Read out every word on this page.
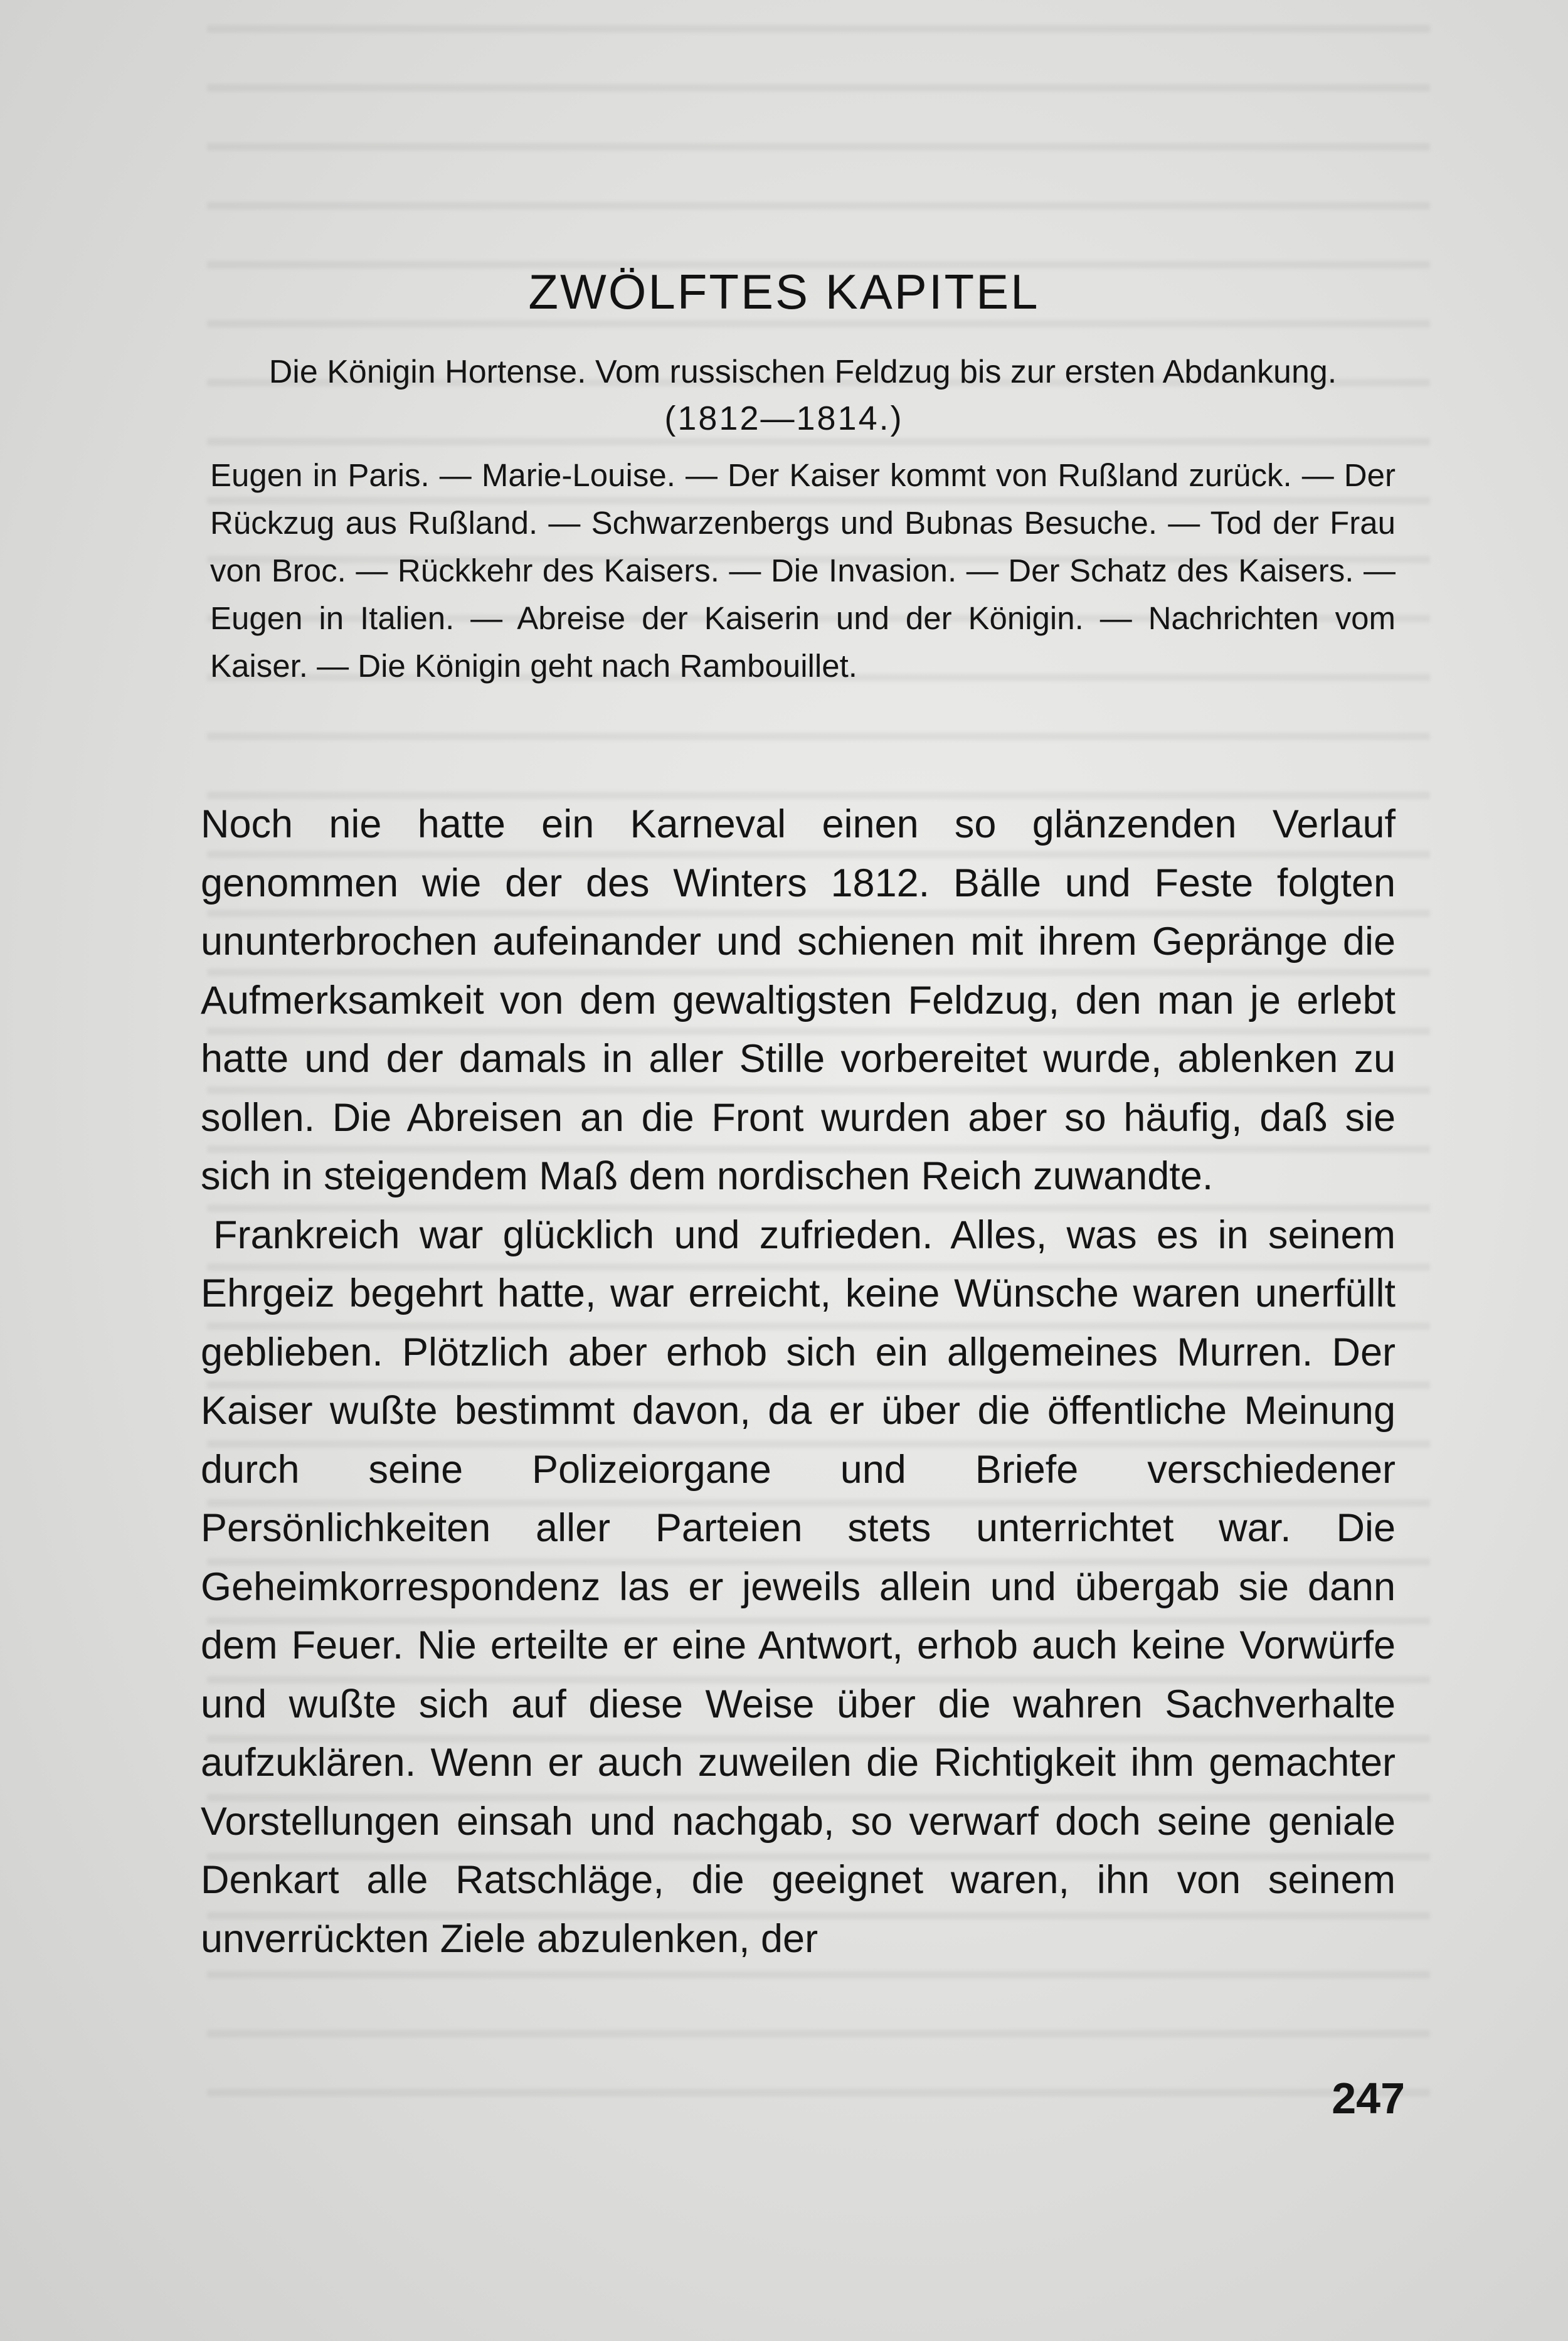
ZWÖLFTES KAPITEL
Die Königin Hortense. Vom russischen Feldzug bis zur ersten Abdankung.
(1812—1814.)
Eugen in Paris. — Marie-Louise. — Der Kaiser kommt von Rußland zurück. — Der Rückzug aus Rußland. — Schwarzenbergs und Bubnas Besuche. — Tod der Frau von Broc. — Rückkehr des Kaisers. — Die Invasion. — Der Schatz des Kaisers. — Eugen in Italien. — Abreise der Kaiserin und der Königin. — Nachrichten vom Kaiser. — Die Königin geht nach Rambouillet.

Noch nie hatte ein Karneval einen so glänzenden Verlauf genommen wie der des Winters 1812. Bälle und Feste folgten ununterbrochen aufeinander und schienen mit ihrem Gepränge die Aufmerksamkeit von dem gewaltigsten Feldzug, den man je erlebt hatte und der damals in aller Stille vorbereitet wurde, ablenken zu sollen. Die Abreisen an die Front wurden aber so häufig, daß sie sich in steigendem Maß dem nordischen Reich zuwandte.

Frankreich war glücklich und zufrieden. Alles, was es in seinem Ehrgeiz begehrt hatte, war erreicht, keine Wünsche waren unerfüllt geblieben. Plötzlich aber erhob sich ein allgemeines Murren. Der Kaiser wußte bestimmt davon, da er über die öffentliche Meinung durch seine Polizeiorgane und Briefe verschiedener Persönlichkeiten aller Parteien stets unterrichtet war. Die Geheimkorrespondenz las er jeweils allein und übergab sie dann dem Feuer. Nie erteilte er eine Antwort, erhob auch keine Vorwürfe und wußte sich auf diese Weise über die wahren Sachverhalte aufzuklären. Wenn er auch zuweilen die Richtigkeit ihm gemachter Vorstellungen einsah und nachgab, so verwarf doch seine geniale Denkart alle Ratschläge, die geeignet waren, ihn von seinem unverrückten Ziele abzulenken, der

247
